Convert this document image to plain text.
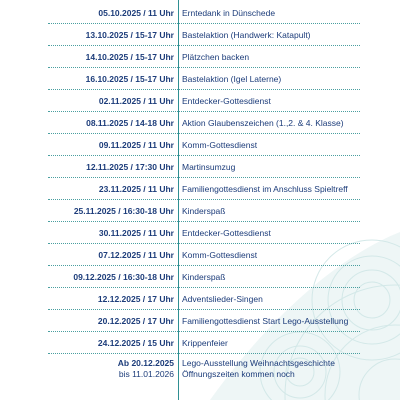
05.10.2025 / 11 Uhr Erntedank in Dünschede
13.10.2025 / 15-17 Uhr Bastelaktion (Handwerk: Katapult)
14.10.2025 / 15-17 Uhr Plätzchen backen
16.10.2025 / 15-17 Uhr Bastelaktion (Igel Laterne)
02.11.2025 / 11 Uhr Entdecker-Gottesdienst
08.11.2025 / 14-18 Uhr Aktion Glaubenszeichen (1.,2. & 4. Klasse)
09.11.2025 / 11 Uhr Komm-Gottesdienst
12.11.2025 / 17:30 Uhr Martinsumzug
23.11.2025 / 11 Uhr Familiengottesdienst im Anschluss Spieltreff
25.11.2025 / 16:30-18 Uhr Kinderspaß
30.11.2025 / 11 Uhr Entdecker-Gottesdienst
07.12.2025 / 11 Uhr Komm-Gottesdienst
09.12.2025 / 16:30-18 Uhr Kinderspaß
12.12.2025 / 17 Uhr Adventslieder-Singen
20.12.2025 / 17 Uhr Familiengottesdienst Start Lego-Ausstellung
24.12.2025 / 15 Uhr Krippenfeier
Ab 20.12.2025
bis 11.01.2026
Lego-Ausstellung Weihnachtsgeschichte
Öffnungszeiten kommen noch
